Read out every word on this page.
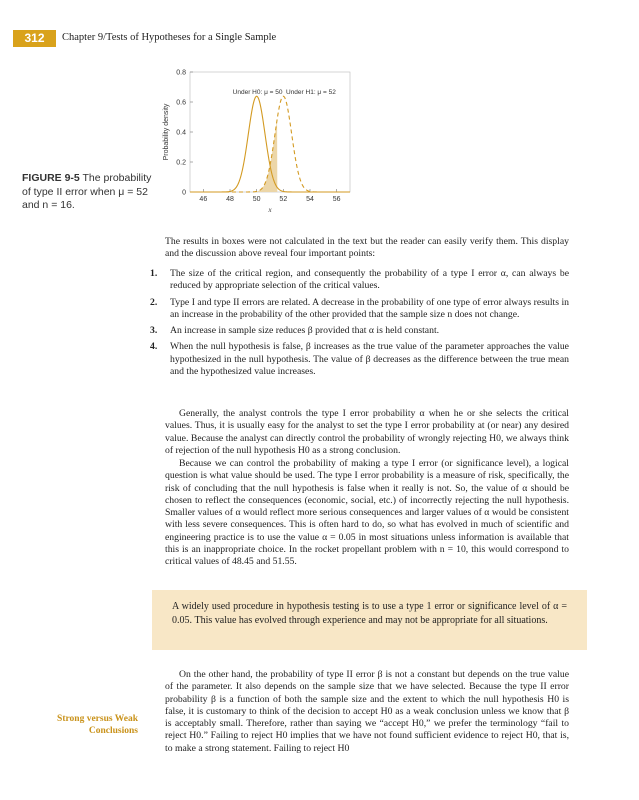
312	Chapter 9/Tests of Hypotheses for a Single Sample
FIGURE 9-5 The probability of type II error when μ = 52 and n = 16.	46	48	50	52	54	56
0
0.2
0.4
0.6
0.8
x
Probability density
Under H0: μ = 50 Under H1: μ = 52

The results in boxes were not calculated in the text but the reader can easily verify them. This display and the discussion above reveal four important points:

1. The size of the critical region, and consequently the probability of a type I error α, can always be reduced by appropriate selection of the critical values.
2. Type I and type II errors are related. A decrease in the probability of one type of error always results in an increase in the probability of the other provided that the sample size n does not change.
3. An increase in sample size reduces β provided that α is held constant.
4. When the null hypothesis is false, β increases as the true value of the parameter approaches the value hypothesized in the null hypothesis. The value of β decreases as the difference between the true mean and the hypothesized value increases.

Generally, the analyst controls the type I error probability α when he or she selects the critical values. Thus, it is usually easy for the analyst to set the type I error probability at (or near) any desired value. Because the analyst can directly control the probability of wrongly rejecting H0, we always think of rejection of the null hypothesis H0 as a strong conclusion.

Because we can control the probability of making a type I error (or significance level), a logical question is what value should be used. The type I error probability is a measure of risk, specifically, the risk of concluding that the null hypothesis is false when it really is not. So, the value of α should be chosen to reflect the consequences (economic, social, etc.) of incorrectly rejecting the null hypothesis. Smaller values of α would reflect more serious consequences and larger values of α would be consistent with less severe consequences. This is often hard to do, so what has evolved in much of scientific and engineering practice is to use the value α = 0.05 in most situations unless information is available that this is an inappropriate choice. In the rocket propellant problem with n = 10, this would correspond to critical values of 48.45 and 51.55.

A widely used procedure in hypothesis testing is to use a type 1 error or significance level of α = 0.05. This value has evolved through experience and may not be appropriate for all situations.
Strong versus Weak Conclusions

On the other hand, the probability of type II error β is not a constant but depends on the true value of the parameter. It also depends on the sample size that we have selected. Because the type II error probability β is a function of both the sample size and the extent to which the null hypothesis H0 is false, it is customary to think of the decision to accept H0 as a weak conclusion unless we know that β is acceptably small. Therefore, rather than saying we “accept H0,” we prefer the terminology “fail to reject H0.” Failing to reject H0 implies that we have not found sufficient evidence to reject H0, that is, to make a strong statement. Failing to reject H0
